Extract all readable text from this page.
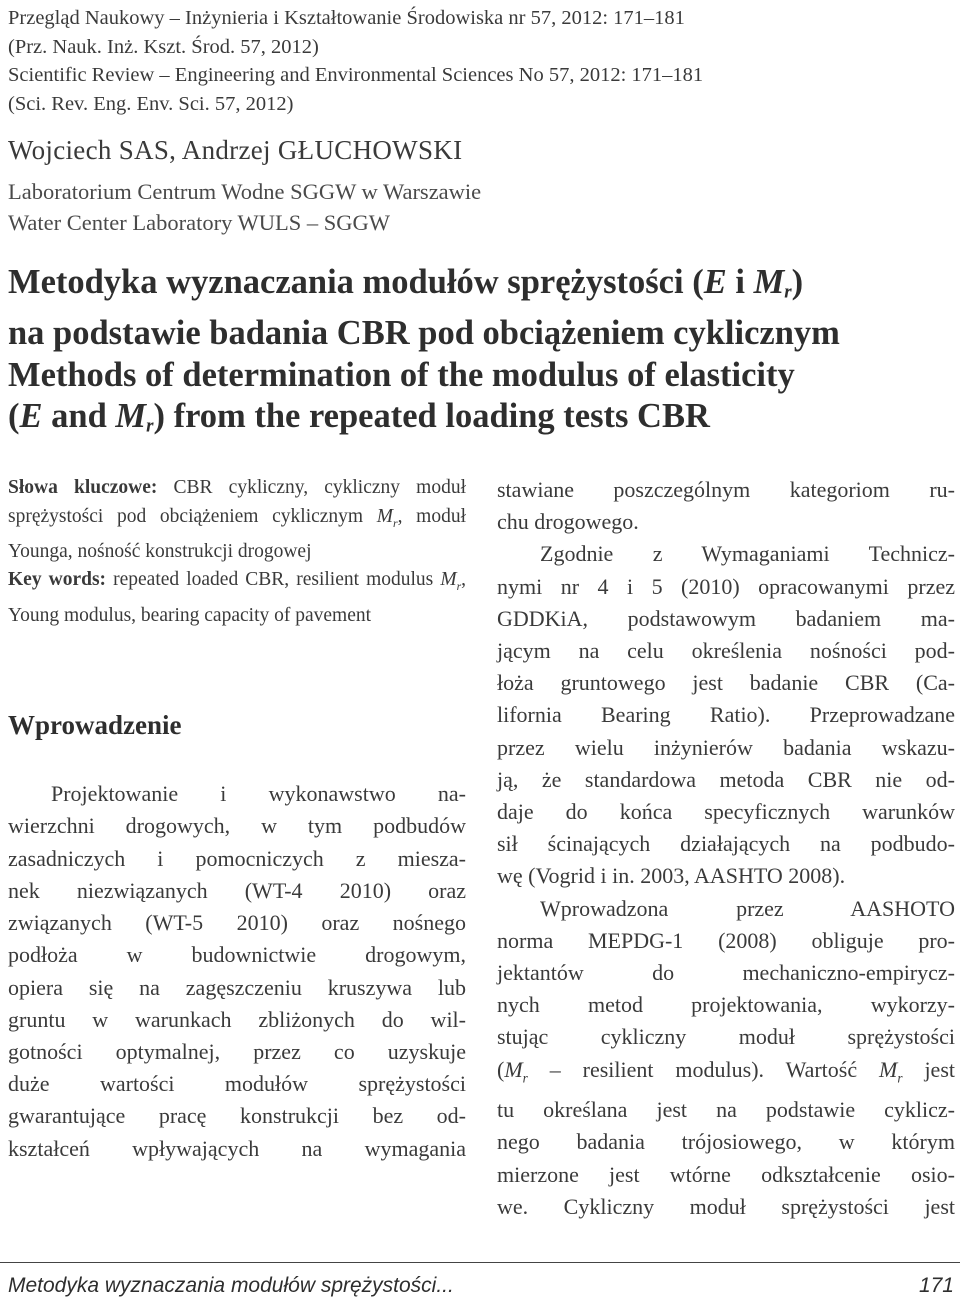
Przegląd Naukowy – Inżynieria i Kształtowanie Środowiska nr 57, 2012: 171–181
(Prz. Nauk. Inż. Kszt. Środ. 57, 2012)
Scientific Review – Engineering and Environmental Sciences No 57, 2012: 171–181
(Sci. Rev. Eng. Env. Sci. 57, 2012)
Wojciech SAS, Andrzej GŁUCHOWSKI
Laboratorium Centrum Wodne SGGW w Warszawie
Water Center Laboratory WULS – SGGW
Metodyka wyznaczania modułów sprężystości (E i $M_r$)
na podstawie badania CBR pod obciążeniem cyklicznym
Methods of determination of the modulus of elasticity
(E and $M_r$) from the repeated loading tests CBR
Słowa kluczowe: CBR cykliczny, cykliczny moduł sprężystości pod obciążeniem cyklicznym $M_r$, moduł Younga, nośność konstrukcji drogowej
Key words: repeated loaded CBR, resilient modulus $M_r$, Young modulus, bearing capacity of pavement
Wprowadzenie
Projektowanie i wykonawstwo na-
wierzchni drogowych, w tym podbudów
zasadniczych i pomocniczych z miesza-
nek niezwiązanych (WT-4 2010) oraz
związanych (WT-5 2010) oraz nośnego
podłoża w budownictwie drogowym,
opiera się na zagęszczeniu kruszywa lub
gruntu w warunkach zbliżonych do wil-
gotności optymalnej, przez co uzyskuje
duże wartości modułów sprężystości
gwarantujące pracę konstrukcji bez od-
kształceń wpływających na wymagania
stawiane poszczególnym kategoriom ru-
chu drogowego.
Zgodnie z Wymaganiami Technicz-
nymi nr 4 i 5 (2010) opracowanymi przez
GDDKiA, podstawowym badaniem ma-
jącym na celu określenia nośności pod-
łoża gruntowego jest badanie CBR (Ca-
lifornia Bearing Ratio). Przeprowadzane
przez wielu inżynierów badania wskazu-
ją, że standardowa metoda CBR nie od-
daje do końca specyficznych warunków
sił ścinających działających na podbudo-
wę (Vogrid i in. 2003, AASHTO 2008).
Wprowadzona przez AASHOTO
norma MEPDG-1 (2008) obliguje pro-
jektantów do mechaniczno-empirycz-
nych metod projektowania, wykorzy-
stując cykliczny moduł sprężystości
($M_r$ – resilient modulus). Wartość $M_r$ jest
tu określana jest na podstawie cyklicz-
nego badania trójosiowego, w którym
mierzone jest wtórne odkształcenie osio-
we. Cykliczny moduł sprężystości jest
Metodyka wyznaczania modułów sprężystości...	171
